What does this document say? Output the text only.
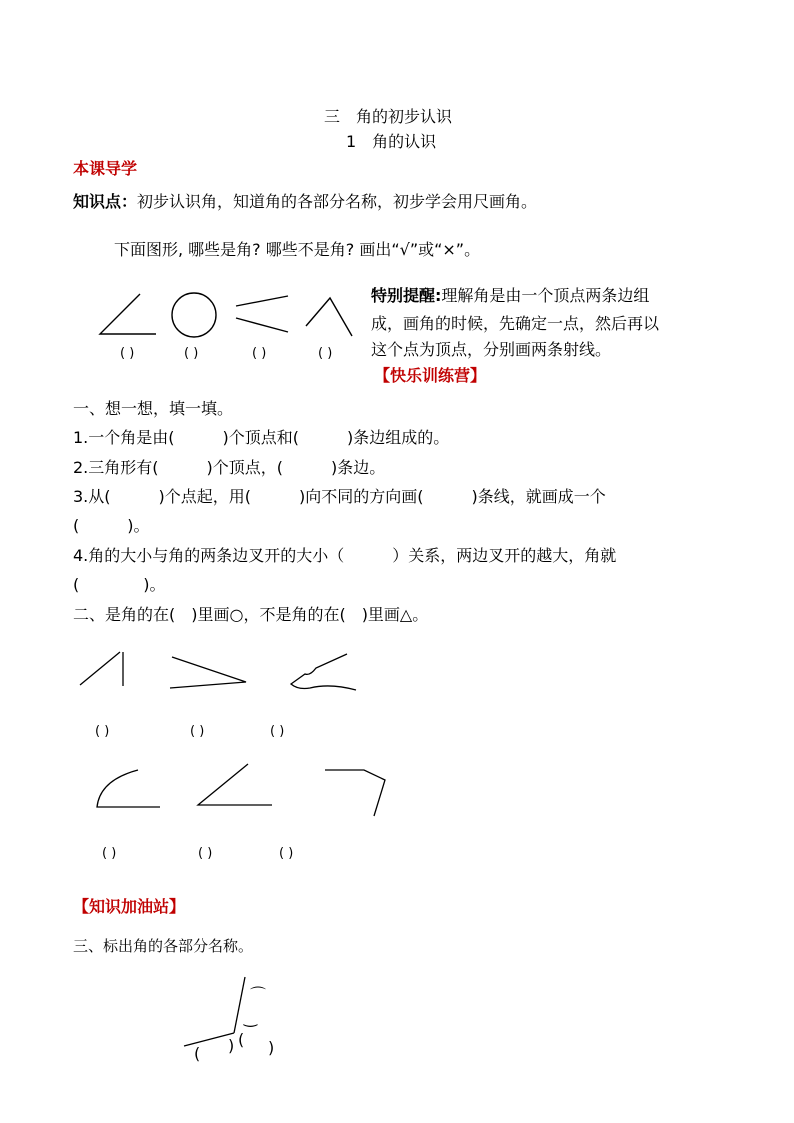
三　角的初步认识
1　角的认识
本课导学
知识点：初步认识角，知道角的各部分名称，初步学会用尺画角。
下面图形, 哪些是角? 哪些不是角? 画出“√”或“×”。
( )	( )	( )	( )
特别提醒:理解角是由一个顶点两条边组
成，画角的时候，先确定一点，然后再以
这个点为顶点，分别画两条射线。
【快乐训练营】
一、想一想，填一填。
1.一个角是由(　　　)个顶点和(　　　)条边组成的。
2.三角形有(　　　)个顶点，(　　　)条边。
3.从(　　　)个点起，用(　　　)向不同的方向画(　　　)条线，就画成一个
(　　　)。
4.角的大小与角的两条边叉开的大小（　　　）关系，两边叉开的越大，角就
(　　　　)。
二、是角的在(　)里画○，不是角的在(　)里画△。
( )	( )	( )
( )	( )	( )
【知识加油站】
三、标出角的各部分名称。
⌒
‿
( ) ( )
